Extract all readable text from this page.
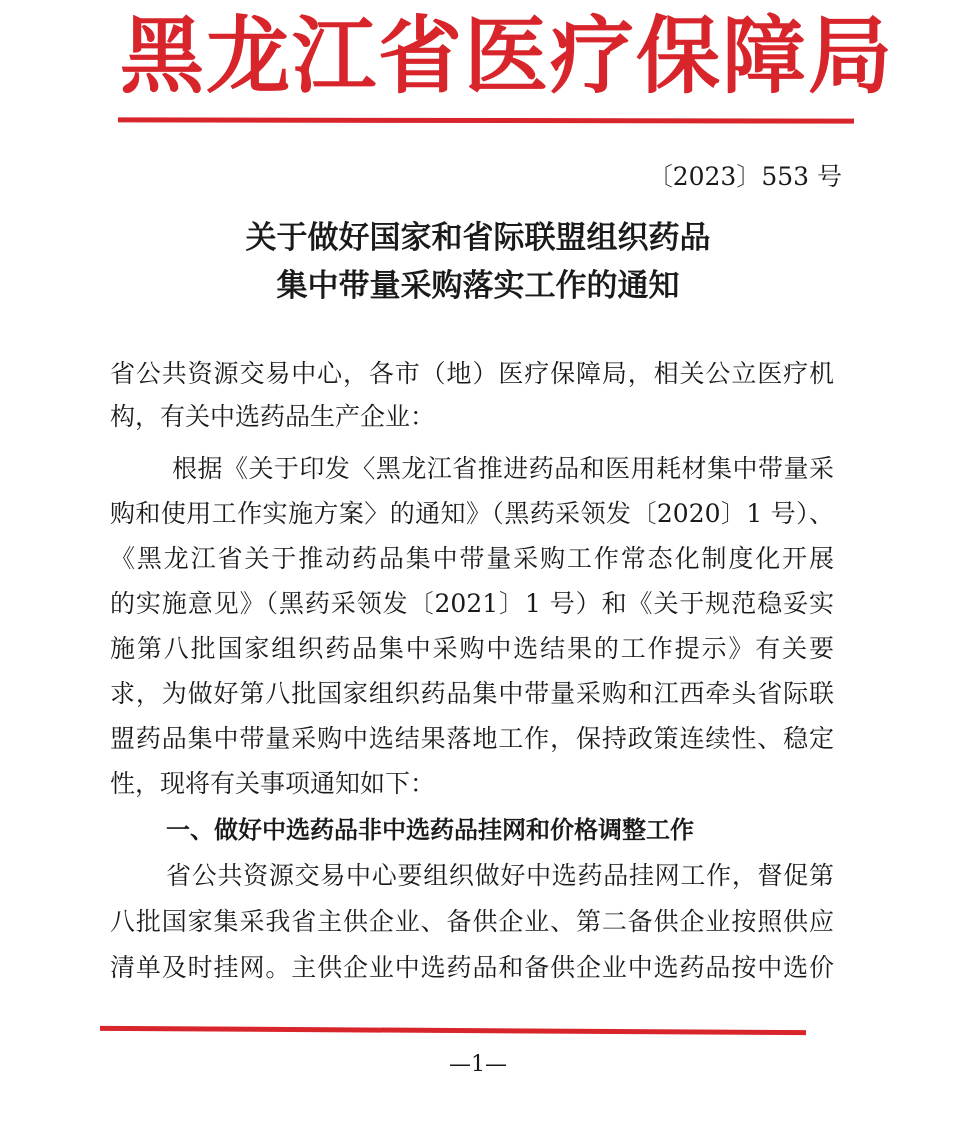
黑龙江省医疗保障局
〔2023〕553 号
关于做好国家和省际联盟组织药品
集中带量采购落实工作的通知
省公共资源交易中心，各市（地）医疗保障局，相关公立医疗机
构，有关中选药品生产企业：
根据《关于印发〈黑龙江省推进药品和医用耗材集中带量采
购和使用工作实施方案〉的通知》（黑药采领发〔2020〕1 号）、
《黑龙江省关于推动药品集中带量采购工作常态化制度化开展
的实施意见》（黑药采领发〔2021〕1 号）和《关于规范稳妥实
施第八批国家组织药品集中采购中选结果的工作提示》有关要
求，为做好第八批国家组织药品集中带量采购和江西牵头省际联
盟药品集中带量采购中选结果落地工作，保持政策连续性、稳定
性，现将有关事项通知如下：
一、做好中选药品非中选药品挂网和价格调整工作
省公共资源交易中心要组织做好中选药品挂网工作，督促第
八批国家集采我省主供企业、备供企业、第二备供企业按照供应
清单及时挂网。主供企业中选药品和备供企业中选药品按中选价
—1—
